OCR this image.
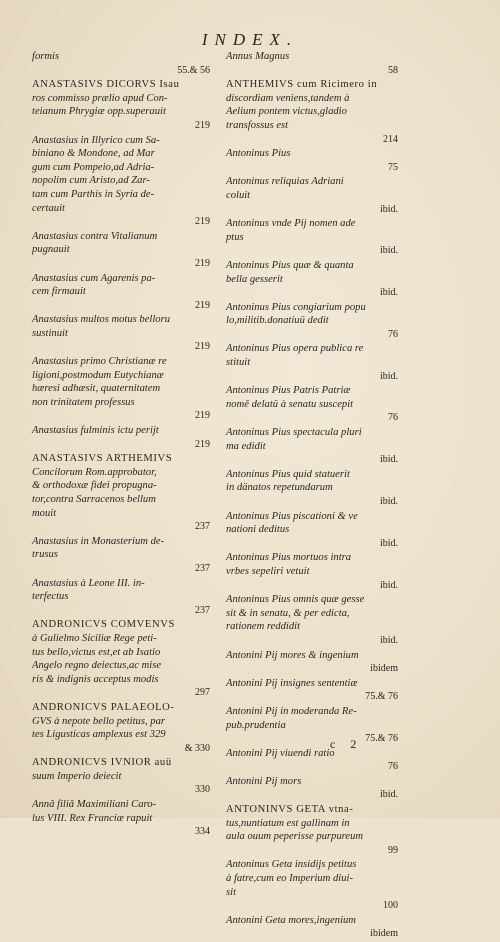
INDEX.
formis
55.& 56
ANASTASIVS DICORVS Isau
ros commisso prælio apud Con-
teianum Phrygiæ opp.superauit
219
Anastasius in Illyrico cum Sa-
biniano & Mondone, ad Mar
gum cum Pompeio,ad Adria-
nopolim cum Aristo,ad Zar-
tam cum Parthis in Syria de-
certauit
219
Anastasius contra Vitalianum
pugnauit
219
Anastasius cum Agarenis pa-
cem firmauit
219
Anastasius multos motus belloru
sustinuit
219
Anastasius primo Christianæ re
ligioni,postmodum Eutychianæ
hæresi adhæsit, quaternitatem
non trinitatem professus
219
Anastasius fulminis ictu perijt
219
ANASTASIVS ARTHEMIVS
Concilorum Rom.approbator,
& orthodoxæ fidei propugna-
tor,contra Sarracenos bellum
mouit
237
Anastasius in Monasterium de-
trusus
237
Anastasius à Leone III. in-
terfectus
237
ANDRONICVS COMVENVS
à Gulielmo Siciliæ Rege peti-
tus bello,victus est,et ab Isatio
Angelo regno deiectus,ac mise
ris & indignis acceptus modis
297
ANDRONICVS PALAEOLO-
GVS à nepote bello petitus, par
tes Ligusticas amplexus est 329
& 330
ANDRONICVS IVNIOR auü
suum Imperio deiecit
330
Annâ filiâ Maximiliani Caro-
lus VIII. Rex Franciæ rapuit
334
Annus Magnus
58
ANTHEMIVS cum Ricimero in
discordiam veniens,tandem à
Aelium pontem victus,gladio
transfossus est
214
Antoninus Pius
75
Antoninus reliquias Adriani
coluit
ibid.
Antoninus vnde Pij nomen ade
ptus
ibid.
Antoninus Pius quæ & quanta
bella gesserit
ibid.
Antoninus Pius congiarium popu
lo,militib.donatiuü dedit
76
Antoninus Pius opera publica re
stituit
ibid.
Antoninus Pius Patris Patriæ
nomê delatü à senatu suscepit
76
Antoninus Pius spectacula pluri
ma edidit
ibid.
Antoninus Pius quid statuerit
in dänatos repetundarum
ibid.
Antoninus Pius piscationi & ve
nationi deditus
ibid.
Antoninus Pius mortuos intra
vrbes sepeliri vetuit
ibid.
Antoninus Pius omnis quæ gesse
sit & in senatu, & per edicta,
rationem reddidit
ibid.
Antonini Pij mores & ingenium
ibidem
Antonini Pij insignes sententiæ
75.& 76
Antonini Pij in moderanda Re-
pub.prudentia
75.& 76
Antonini Pij viuendi ratio
76
Antonini Pij mors
ibid.
ANTONINVS GETA vtna-
tus,nuntiatum est gallinam in
aula ouum peperisse purpureum
99
Antoninus Geta insidijs petitus
à fatre,cum eo Imperium diui-
sit
100
Antonini Geta mores,ingenium
ibidem
c 2
